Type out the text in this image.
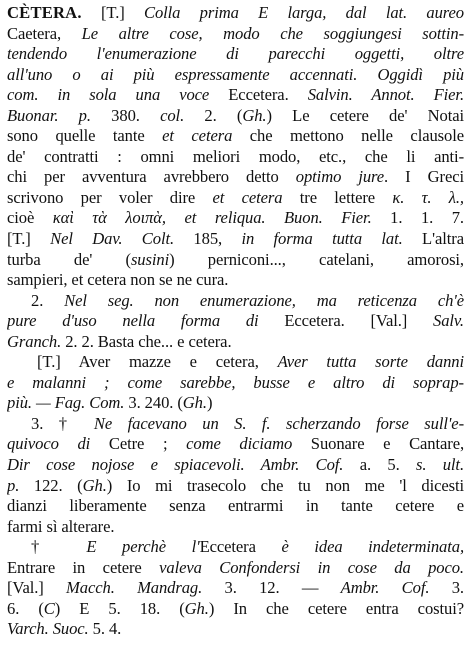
CÈTERA. [T.] Colla prima E larga, dal lat. aureo
Caetera, Le altre cose, modo che soggiungesi sottin-
tendendo l'enumerazione di parecchi oggetti, oltre
all'uno o ai più espressamente accennati. Oggidì più
com. in sola una voce Eccetera. Salvin. Annot. Fier.
Buonar. p. 380. col. 2. (Gh.) Le cetere de' Notai
sono quelle tante et cetera che mettono nelle clausole
de' contratti : omni meliori modo, etc., che li anti-
chi per avventura avrebbero detto optimo jure. I Greci
scrivono per voler dire et cetera tre lettere κ. τ. λ.,
cioè καὶ τὰ λοιπὰ, et reliqua. Buon. Fier. 1. 1. 7.
[T.] Nel Dav. Colt. 185, in forma tutta lat. L'altra
turba de' (susini) perniconi..., catelani, amorosi,
sampieri, et cetera non se ne cura.
2. Nel seg. non enumerazione, ma reticenza ch'è
pure d'uso nella forma di Eccetera. [Val.] Salv.
Granch. 2. 2. Basta che... e cetera.
[T.] Aver mazze e cetera, Aver tutta sorte danni
e malanni ; come sarebbe, busse e altro di soprap-
più. — Fag. Com. 3. 240. (Gh.)
3. † Ne facevano un S. f. scherzando forse sull'e-
quivoco di Cetre ; come diciamo Suonare e Cantare,
Dir cose nojose e spiacevoli. Ambr. Cof. a. 5. s. ult.
p. 122. (Gh.) Io mi trasecolo che tu non me 'l dicesti
dianzi liberamente senza entrarmi in tante cetere e
farmi sì alterare.
† E perchè l'Eccetera è idea indeterminata,
Entrare in cetere valeva Confondersi in cose da poco.
[Val.] Macch. Mandrag. 3. 12. — Ambr. Cof. 3.
6. (C) E 5. 18. (Gh.) In che cetere entra costui?
Varch. Suoc. 5. 4.
